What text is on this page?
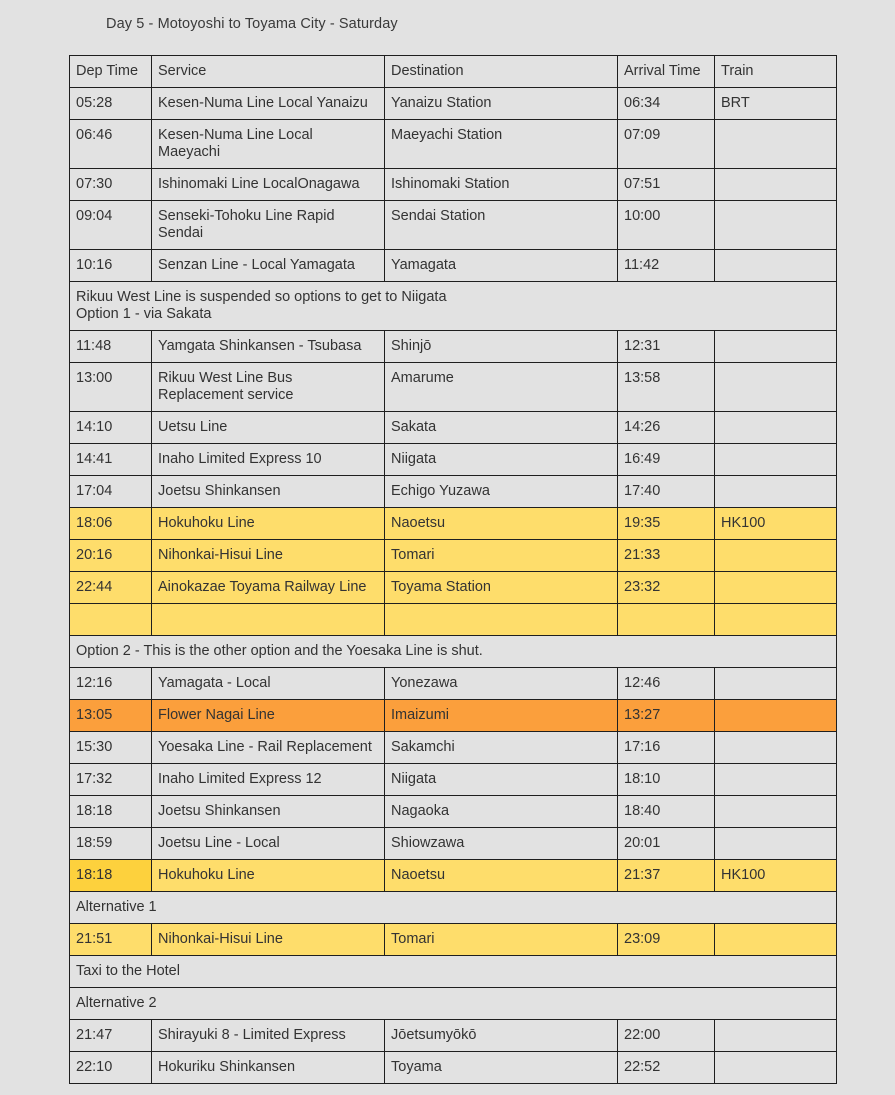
Day 5 - Motoyoshi to Toyama City - Saturday
Dep Time	Service	Destination	Arrival Time	Train
05:28	Kesen-Numa Line Local Yanaizu	Yanaizu Station	06:34	BRT
06:46	Kesen-Numa Line Local Maeyachi	Maeyachi Station	07:09	
07:30	Ishinomaki Line LocalOnagawa	Ishinomaki Station	07:51	
09:04	Senseki-Tohoku Line Rapid Sendai	Sendai Station	10:00	
10:16	Senzan Line - Local Yamagata	Yamagata	11:42	

Rikuu West Line is suspended so options to get to Niigata
Option 1 - via Sakata				

11:48	Yamgata Shinkansen - Tsubasa	Shinjō	12:31	
13:00	Rikuu West Line Bus Replacement service	Amarume	13:58	
14:10	Uetsu Line	Sakata	14:26	
14:41	Inaho Limited Express 10	Niigata	16:49	
17:04	Joetsu Shinkansen	Echigo Yuzawa	17:40	
18:06	Hokuhoku Line	Naoetsu	19:35	HK100
20:16	Nihonkai-Hisui Line	Tomari	21:33	
22:44	Ainokazae Toyama Railway Line	Toyama Station	23:32	

Option 2 - This is the other option and the Yoesaka Line is shut.				

12:16	Yamagata - Local	Yonezawa	12:46	
13:05	Flower Nagai Line	Imaizumi	13:27	
15:30	Yoesaka Line - Rail Replacement	Sakamchi	17:16	
17:32	Inaho Limited Express 12	Niigata	18:10	
18:18	Joetsu Shinkansen	Nagaoka	18:40	
18:59	Joetsu Line - Local	Shiowzawa	20:01	
18:18	Hokuhoku Line	Naoetsu	21:37	HK100

Alternative 1				

21:51	Nihonkai-Hisui Line	Tomari	23:09	

Taxi to the Hotel				

Alternative 2				

21:47	Shirayuki 8 - Limited Express	Jōetsumyōkō	22:00	
22:10	Hokuriku Shinkansen	Toyama	22:52	
